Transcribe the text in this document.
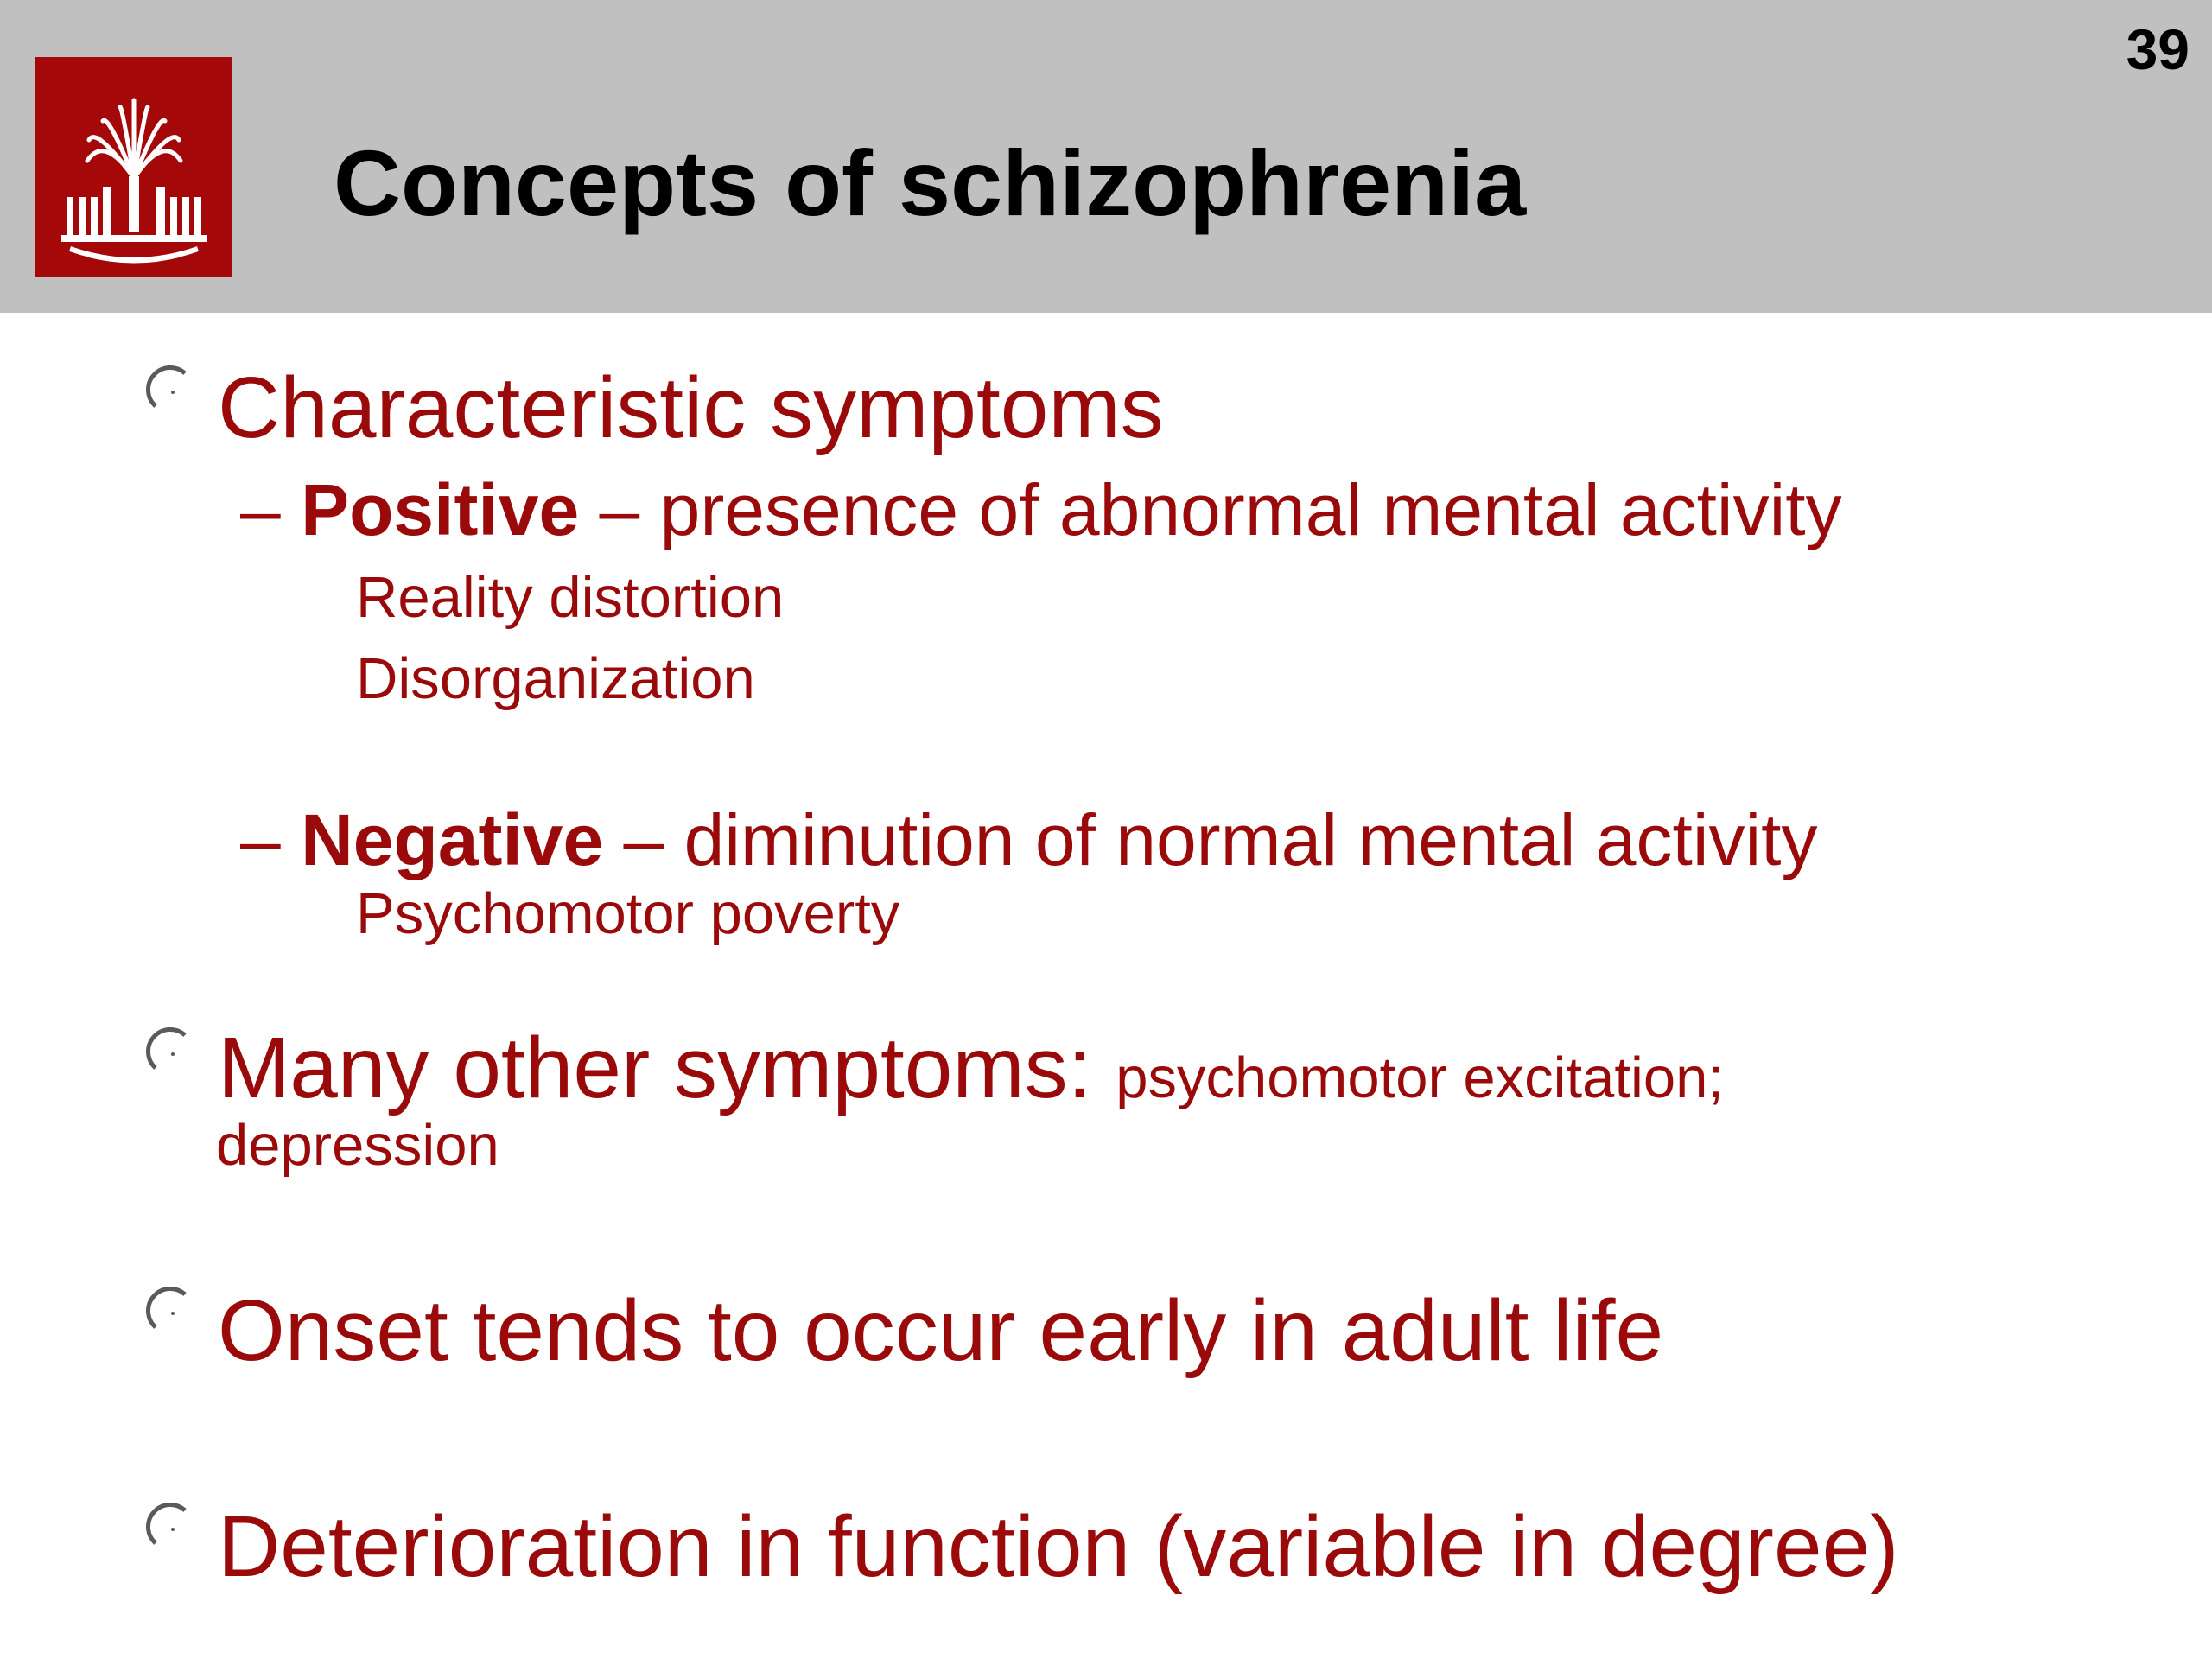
Concepts of schizophrenia
39
Characteristic symptoms
– Positive – presence of abnormal mental activity
Reality distortion
Disorganization
– Negative – diminution of normal mental activity
Psychomotor poverty
Many other symptoms: psychomotor excitation;
depression
Onset tends to occur early in adult life
Deterioration in function (variable in degree)
